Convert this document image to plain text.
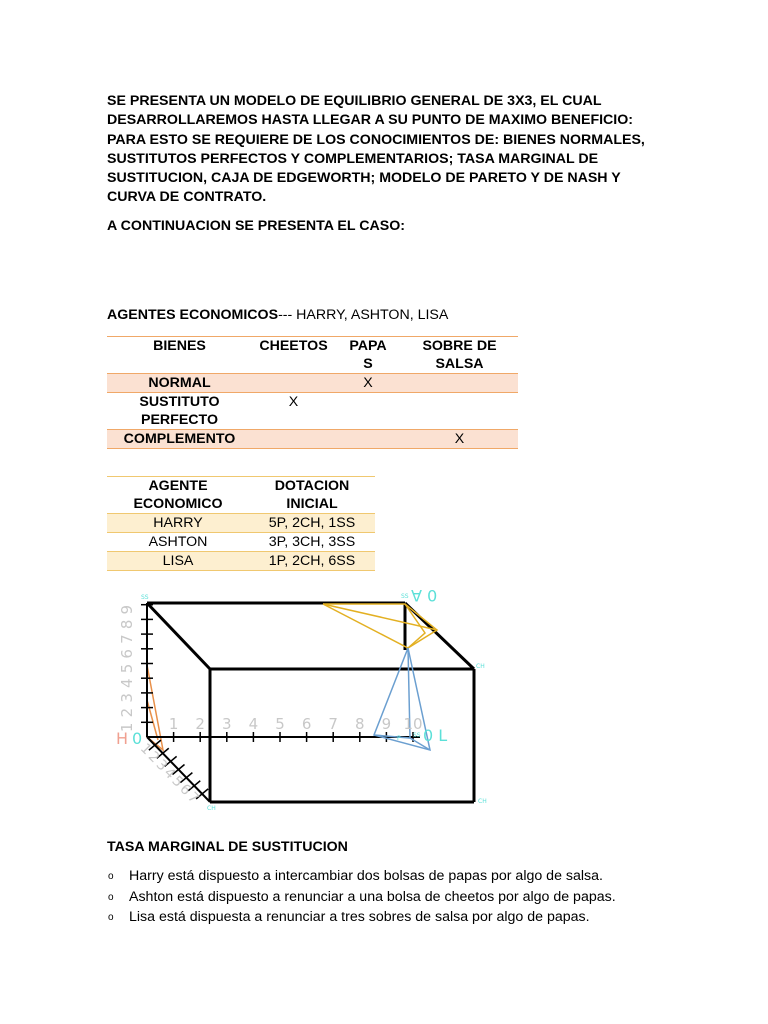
SE PRESENTA UN MODELO DE EQUILIBRIO GENERAL DE 3X3, EL CUAL DESARROLLAREMOS HASTA LLEGAR A SU PUNTO DE MAXIMO BENEFICIO: PARA ESTO SE REQUIERE DE LOS CONOCIMIENTOS DE: BIENES NORMALES, SUSTITUTOS PERFECTOS Y COMPLEMENTARIOS; TASA MARGINAL DE SUSTITUCION, CAJA DE EDGEWORTH; MODELO DE PARETO Y DE NASH Y CURVA DE CONTRATO.

A CONTINUACION SE PRESENTA EL CASO:

AGENTES ECONOMICOS--- HARRY, ASHTON, LISA

BIENES	CHEETOS	PAPA S	SOBRE DE SALSA
NORMAL		X	
SUSTITUTO PERFECTO	X		
COMPLEMENTO			X
AGENTE ECONOMICO	DOTACION INICIAL
HARRY	5P, 2CH, 1SS
ASHTON	3P, 3CH, 3SS
LISA	1P, 2CH, 6SS
1 2 3 4 5 6 7 8 9 10
1
2
3
4
5
6
7
8
9
1
2
3
4
5
6
7
H 0
0 A
0 L
SS	SS
SS
CH
CH
CH
P

TASA MARGINAL DE SUSTITUCION

o Harry está dispuesto a intercambiar dos bolsas de papas por algo de salsa.
o Ashton está dispuesto a renunciar a una bolsa de cheetos por algo de papas.
o Lisa está dispuesta a renunciar a tres sobres de salsa por algo de papas.
